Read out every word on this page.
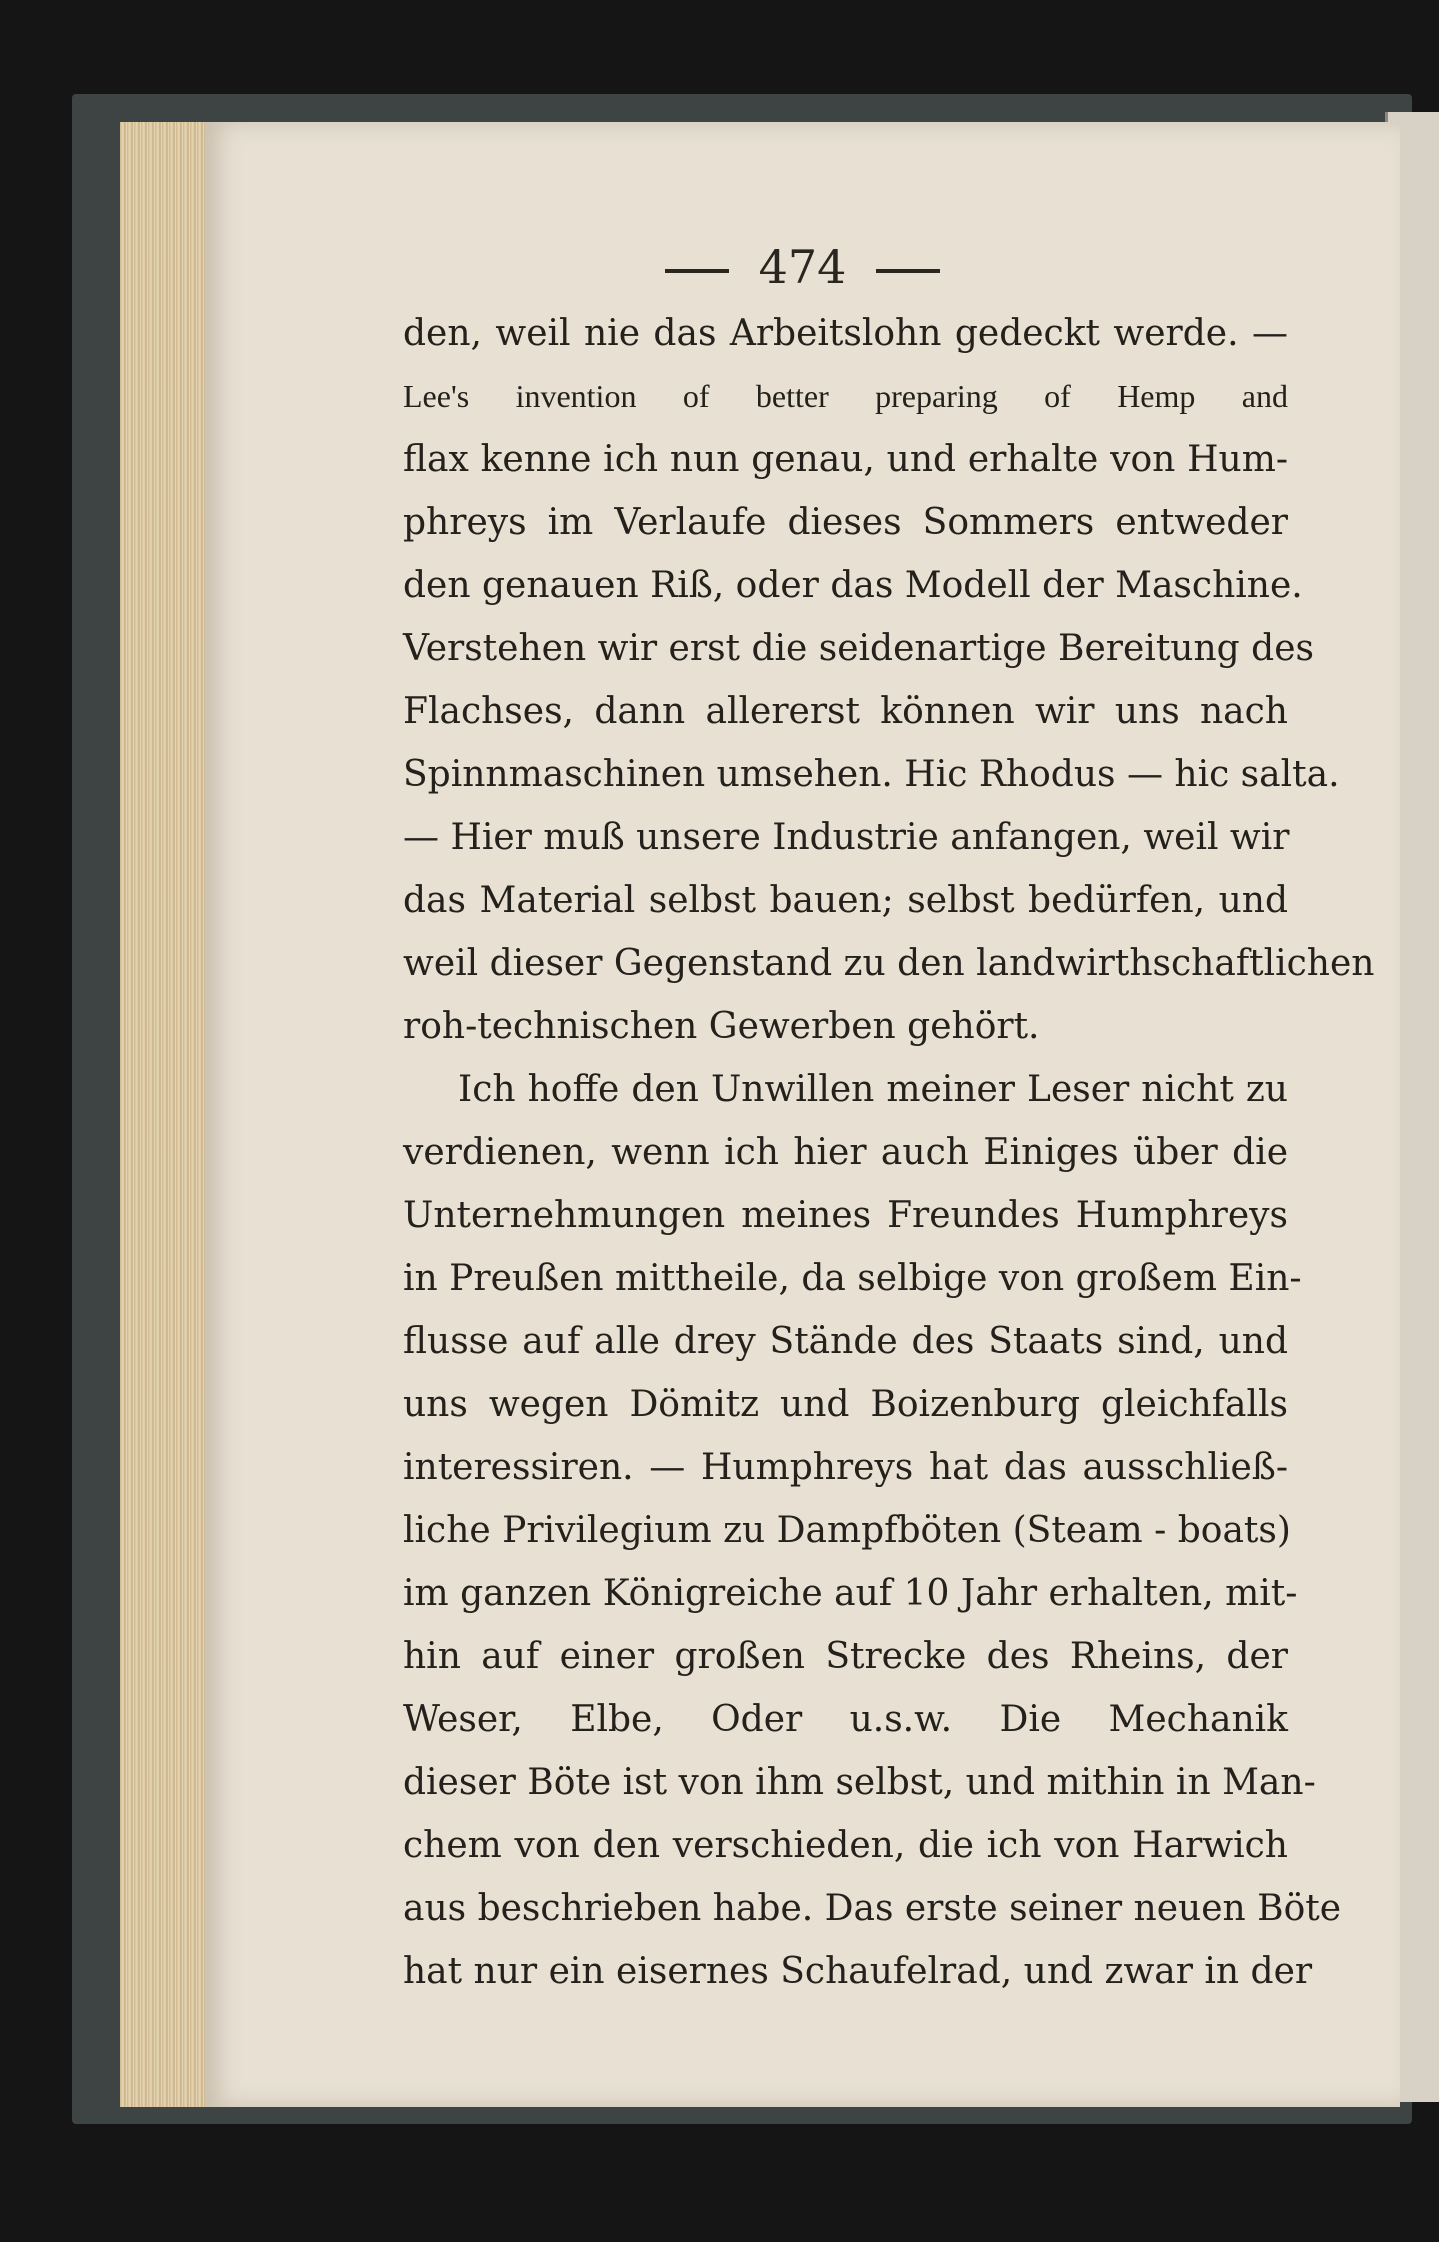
474
den, weil nie das Arbeitslohn gedeckt werde. —
Lee's invention of better preparing of Hemp and
flax kenne ich nun genau, und erhalte von Hum-
phreys im Verlaufe dieses Sommers entweder
den genauen Riß, oder das Modell der Maschine.
Verstehen wir erst die seidenartige Bereitung des
Flachses, dann allererst können wir uns nach
Spinnmaschinen umsehen. Hic Rhodus — hic salta.
— Hier muß unsere Industrie anfangen, weil wir
das Material selbst bauen; selbst bedürfen, und
weil dieser Gegenstand zu den landwirthschaftlichen
roh-technischen Gewerben gehört.
Ich hoffe den Unwillen meiner Leser nicht zu
verdienen, wenn ich hier auch Einiges über die
Unternehmungen meines Freundes Humphreys
in Preußen mittheile, da selbige von großem Ein-
flusse auf alle drey Stände des Staats sind, und
uns wegen Dömitz und Boizenburg gleichfalls
interessiren. — Humphreys hat das ausschließ-
liche Privilegium zu Dampfböten (Steam - boats)
im ganzen Königreiche auf 10 Jahr erhalten, mit-
hin auf einer großen Strecke des Rheins, der
Weser, Elbe, Oder u.s.w. Die Mechanik
dieser Böte ist von ihm selbst, und mithin in Man-
chem von den verschieden, die ich von Harwich
aus beschrieben habe. Das erste seiner neuen Böte
hat nur ein eisernes Schaufelrad, und zwar in der
